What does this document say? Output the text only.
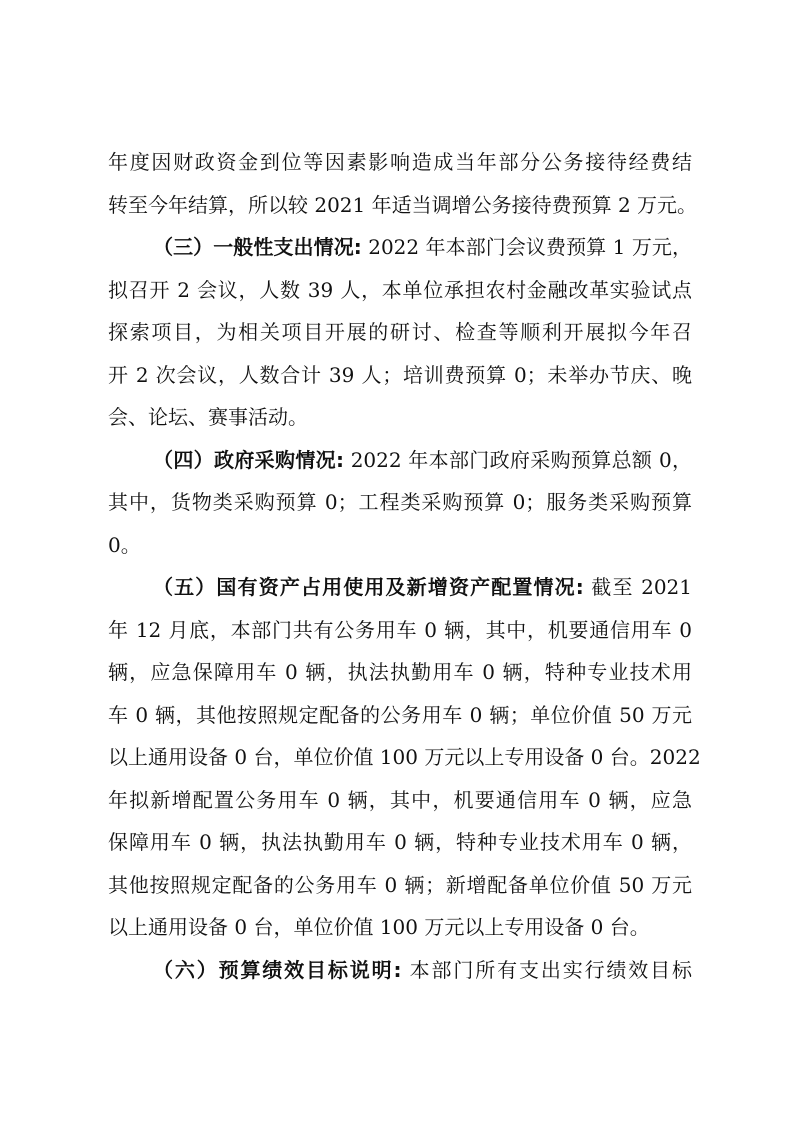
年度因财政资金到位等因素影响造成当年部分公务接待经费结
转至今年结算，所以较 2021 年适当调增公务接待费预算 2 万元。
（三）一般性支出情况: 2022 年本部门会议费预算 1 万元，
拟召开 2 会议，人数 39 人，本单位承担农村金融改革实验试点
探索项目，为相关项目开展的研讨、检查等顺利开展拟今年召
开 2 次会议，人数合计 39 人；培训费预算 0；未举办节庆、晚
会、论坛、赛事活动。
（四）政府采购情况: 2022 年本部门政府采购预算总额 0，
其中，货物类采购预算 0；工程类采购预算 0；服务类采购预算
0。
（五）国有资产占用使用及新增资产配置情况: 截至 2021
年 12 月底，本部门共有公务用车 0 辆，其中，机要通信用车 0
辆，应急保障用车 0 辆，执法执勤用车 0 辆，特种专业技术用
车 0 辆，其他按照规定配备的公务用车 0 辆；单位价值 50 万元
以上通用设备 0 台，单位价值 100 万元以上专用设备 0 台。2022
年拟新增配置公务用车 0 辆，其中，机要通信用车 0 辆，应急
保障用车 0 辆，执法执勤用车 0 辆，特种专业技术用车 0 辆，
其他按照规定配备的公务用车 0 辆；新增配备单位价值 50 万元
以上通用设备 0 台，单位价值 100 万元以上专用设备 0 台。
（六）预算绩效目标说明: 本部门所有支出实行绩效目标
